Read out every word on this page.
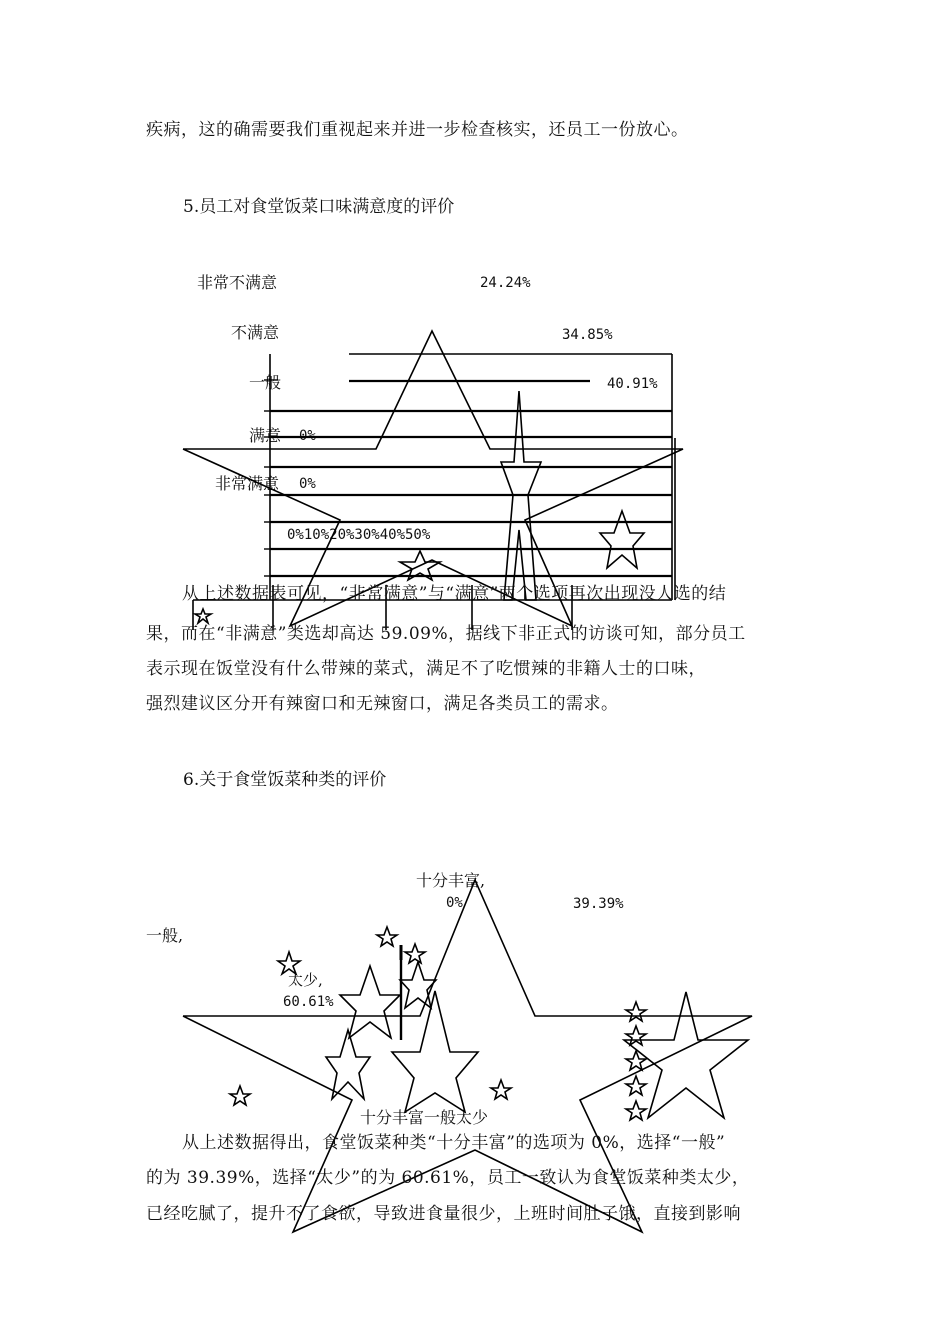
疾病，这的确需要我们重视起来并进一步检查核实，还员工一份放心。
5.员工对食堂饭菜口味满意度的评价
非常不满意	24.24%
不满意	34.85%
一般	40.91%
满意 0%
非常满意 0%
0%10%20%30%40%50%
从上述数据表可见，“非常满意”与“满意”两个选项再次出现没人选的结
果，而在“非满意”类选却高达 59.09%，据线下非正式的访谈可知，部分员工
表示现在饭堂没有什么带辣的菜式，满足不了吃惯辣的非籍人士的口味，
强烈建议区分开有辣窗口和无辣窗口，满足各类员工的需求。
6.关于食堂饭菜种类的评价
十分丰富,
0%	39.39%
一般,
太少,
60.61%
十分丰富一般太少
从上述数据得出，食堂饭菜种类“十分丰富”的选项为 0%，选择“一般”
的为 39.39%，选择“太少”的为 60.61%，员工一致认为食堂饭菜种类太少，
已经吃腻了，提升不了食欲，导致进食量很少，上班时间肚子饿，直接到影响
